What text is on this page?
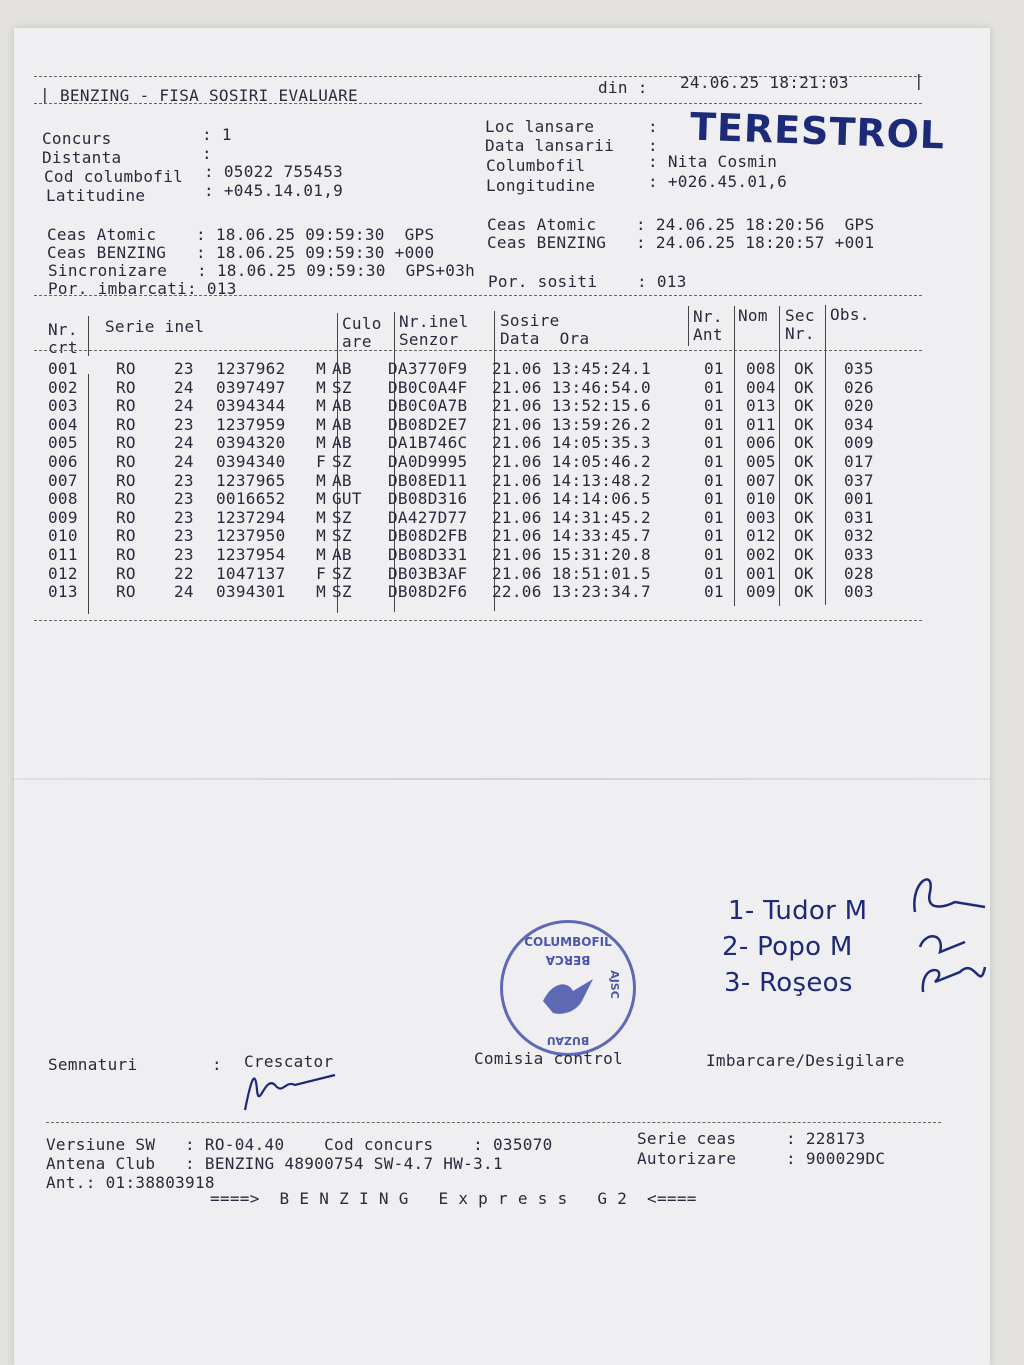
| BENZING - FISA SOSIRI EVALUARE	din : 24.06.25 18:21:03	|
Concurs	: 1
Distanta	:
Cod columbofil : 05022 755453
Latitudine	: +045.14.01,9
Loc lansare	:
Data lansarii :
Columbofil	: Nita Cosmin
Longitudine	: +026.45.01,6
TERESTROL
Ceas Atomic    : 18.06.25 09:59:30  GPS
Ceas BENZING   : 18.06.25 09:59:30 +000
Sincronizare   : 18.06.25 09:59:30  GPS+03h
Por. imbarcati: 013
Ceas Atomic    : 24.06.25 18:20:56  GPS
Ceas BENZING   : 24.06.25 18:20:57 +001
Por. sositi    : 013
Nr.
crt
Serie inel	Culo
are
Nr.inel
Senzor
Sosire
Data  Ora
Nr.
Ant
Nom Sec
Nr.
Obs.
001	RO	23	1237962	M	AB	DA3770F9	21.06 13:45:24.1	01	008	OK	035
002	RO	24	0397497	M	SZ	DB0C0A4F	21.06 13:46:54.0	01	004	OK	026
003	RO	24	0394344	M	AB	DB0C0A7B	21.06 13:52:15.6	01	013	OK	020
004	RO	23	1237959	M	AB	DB08D2E7	21.06 13:59:26.2	01	011	OK	034
005	RO	24	0394320	M	AB	DA1B746C	21.06 14:05:35.3	01	006	OK	009
006	RO	24	0394340	F	SZ	DA0D9995	21.06 14:05:46.2	01	005	OK	017
007	RO	23	1237965	M	AB	DB08ED11	21.06 14:13:48.2	01	007	OK	037
008	RO	23	0016652	M	GUT	DB08D316	21.06 14:14:06.5	01	010	OK	001
009	RO	23	1237294	M	SZ	DA427D77	21.06 14:31:45.2	01	003	OK	031
010	RO	23	1237950	M	SZ	DB08D2FB	21.06 14:33:45.7	01	012	OK	032
011	RO	23	1237954	M	AB	DB08D331	21.06 15:31:20.8	01	002	OK	033
012	RO	22	1047137	F	SZ	DB03B3AF	21.06 18:51:01.5	01	001	OK	028
013	RO	24	0394301	M	SZ	DB08D2F6	22.06 13:23:34.7	01	009	OK	003
1- Tudor M
2- Popo M
3- Roşeos
COLUMBOFIL
BERCA
BUZAU
AJSC
Semnaturi	: Crescator	Comisia control	Imbarcare/Desigilare
Versiune SW   : RO-04.40    Cod concurs    : 035070	Serie ceas     : 228173
Antena Club   : BENZING 48900754 SW-4.7 HW-3.1	Autorizare     : 900029DC
Ant.: 01:38803918
====>  B E N Z I N G   E x p r e s s   G 2  <====
